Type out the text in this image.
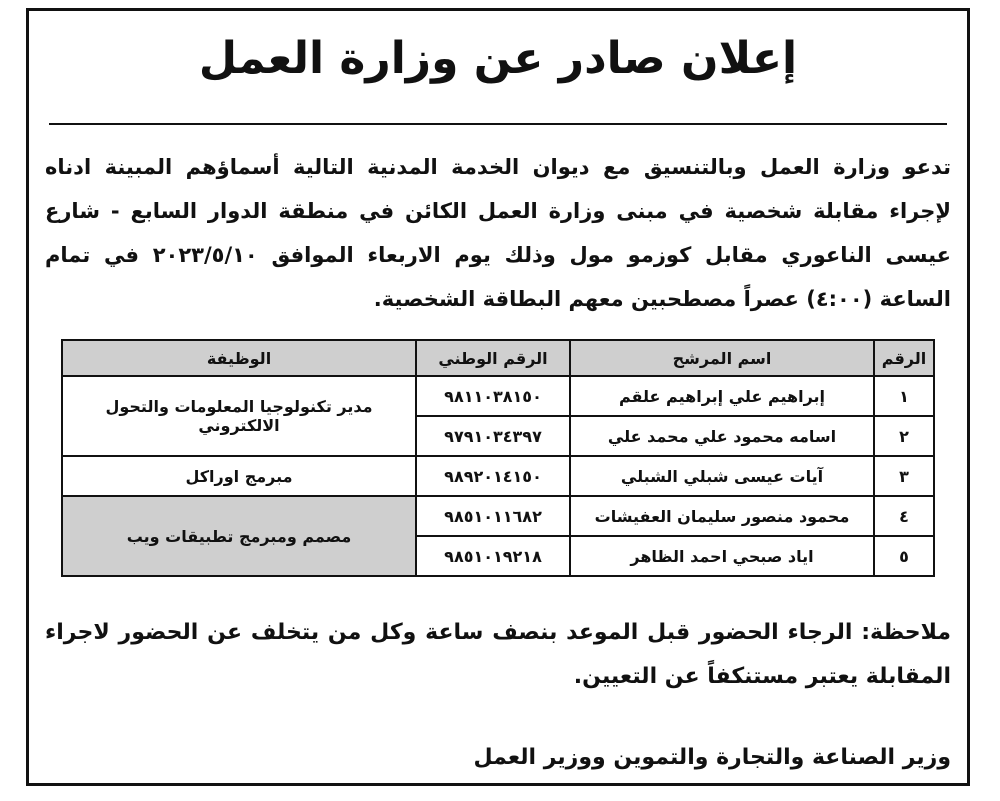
إعلان صادر عن وزارة العمل

تدعو وزارة العمل وبالتنسيق مع ديوان الخدمة المدنية التالية أسماؤهم المبينة ادناه لإجراء مقابلة شخصية في مبنى وزارة العمل الكائن في منطقة الدوار السابع - شارع عيسى الناعوري مقابل كوزمو مول وذلك يوم الاربعاء الموافق ٢٠٢٣/٥/١٠ في تمام الساعة (٤:٠٠) عصراً مصطحبين معهم البطاقة الشخصية.

الرقم	اسم المرشح	الرقم الوطني	الوظيفة
١	إبراهيم علي إبراهيم علقم	٩٨١١٠٣٨١٥٠	مدير تكنولوجيا المعلومات والتحول الالكتروني
٢	اسامه محمود علي محمد علي	٩٧٩١٠٣٤٣٩٧	
٣	آيات عيسى شبلي الشبلي	٩٨٩٢٠١٤١٥٠	مبرمج اوراكل
٤	محمود منصور سليمان العفيشات	٩٨٥١٠١١٦٨٢	مصمم ومبرمج تطبيقات ويب
٥	اياد صبحي احمد الظاهر	٩٨٥١٠١٩٢١٨	

ملاحظة: الرجاء الحضور قبل الموعد بنصف ساعة وكل من يتخلف عن الحضور لاجراء المقابلة يعتبر مستنكفاً عن التعيين.

وزير الصناعة والتجارة والتموين ووزير العمل
